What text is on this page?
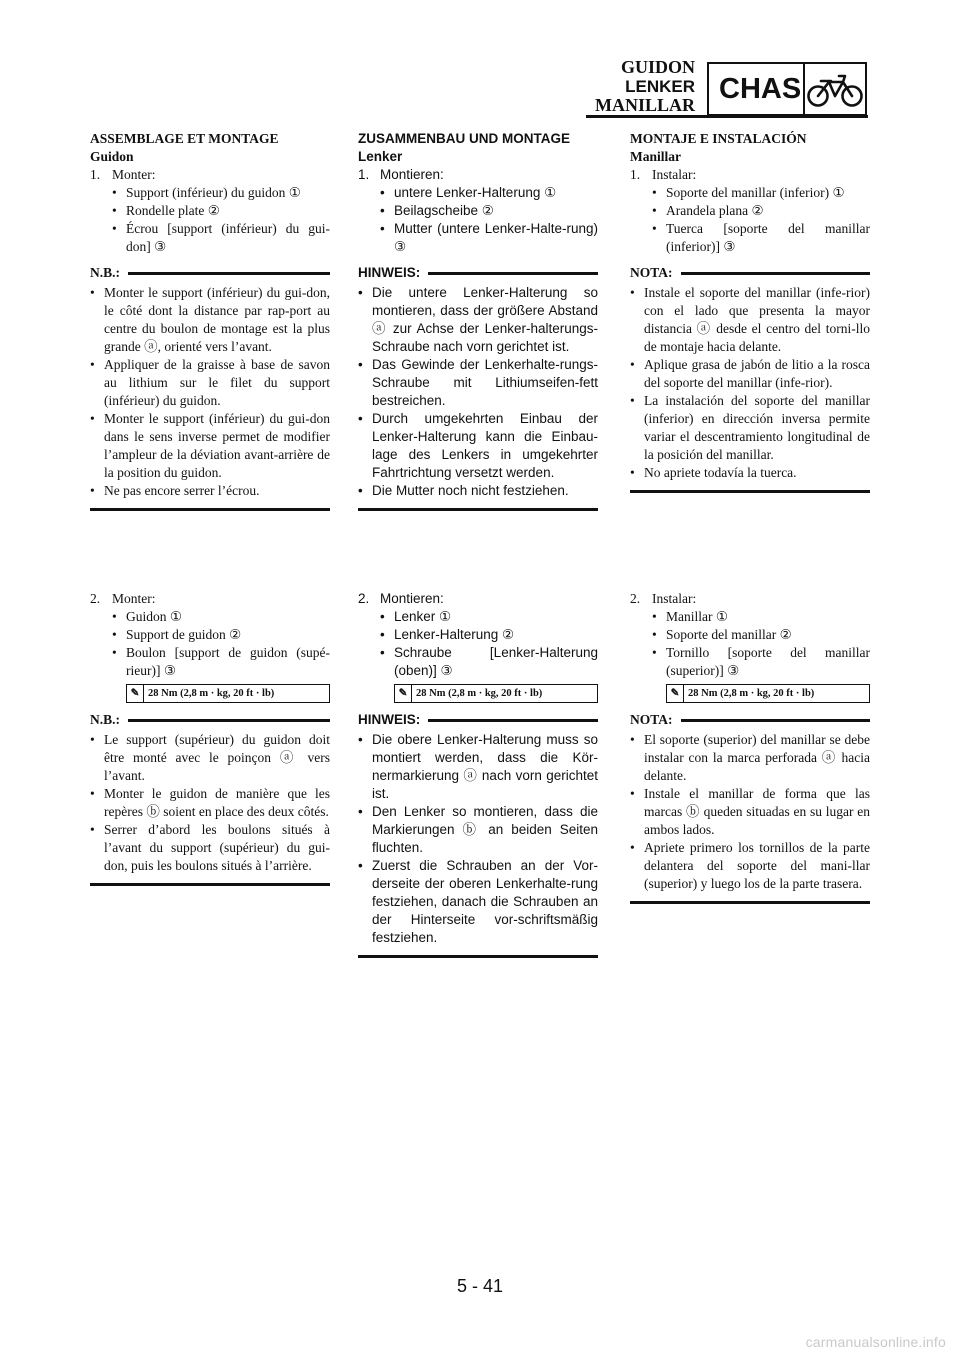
GUIDON
LENKER
MANILLAR
CHAS
ASSEMBLAGE ET MONTAGE
Guidon
1. Monter:
• Support (inférieur) du guidon ①
• Rondelle plate ②
• Écrou [support (inférieur) du gui-don] ③
N.B.:
• Monter le support (inférieur) du gui-don, le côté dont la distance par rap-port au centre du boulon de montage est la plus grande ⓐ, orienté vers l’avant.
• Appliquer de la graisse à base de savon au lithium sur le filet du support (inférieur) du guidon.
• Monter le support (inférieur) du gui-don dans le sens inverse permet de modifier l’ampleur de la déviation avant-arrière de la position du guidon.
• Ne pas encore serrer l’écrou.
ZUSAMMENBAU UND MONTAGE
Lenker
1. Montieren:
• untere Lenker-Halterung ①
• Beilagscheibe ②
• Mutter (untere Lenker-Halte-rung) ③
HINWEIS:
• Die untere Lenker-Halterung so montieren, dass der größere Abstand ⓐ zur Achse der Lenker-halterungs-Schraube nach vorn gerichtet ist.
• Das Gewinde der Lenkerhalte-rungs-Schraube mit Lithiumseifen-fett bestreichen.
• Durch umgekehrten Einbau der Lenker-Halterung kann die Einbau-lage des Lenkers in umgekehrter Fahrtrichtung versetzt werden.
• Die Mutter noch nicht festziehen.
MONTAJE E INSTALACIÓN
Manillar
1. Instalar:
• Soporte del manillar (inferior) ①
• Arandela plana ②
• Tuerca [soporte del manillar (inferior)] ③
NOTA:
• Instale el soporte del manillar (infe-rior) con el lado que presenta la mayor distancia ⓐ desde el centro del torni-llo de montaje hacia delante.
• Aplique grasa de jabón de litio a la rosca del soporte del manillar (infe-rior).
• La instalación del soporte del manillar (inferior) en dirección inversa permite variar el descentramiento longitudinal de la posición del manillar.
• No apriete todavía la tuerca.
2. Monter:
• Guidon ①
• Support de guidon ②
• Boulon [support de guidon (supé-rieur)] ③
✎ 28 Nm (2,8 m · kg, 20 ft · lb)
N.B.:
• Le support (supérieur) du guidon doit être monté avec le poinçon ⓐ vers l’avant.
• Monter le guidon de manière que les repères ⓑ soient en place des deux côtés.
• Serrer d’abord les boulons situés à l’avant du support (supérieur) du gui-don, puis les boulons situés à l’arrière.
2. Montieren:
• Lenker ①
• Lenker-Halterung ②
• Schraube [Lenker-Halterung (oben)] ③
✎ 28 Nm (2,8 m · kg, 20 ft · lb)
HINWEIS:
• Die obere Lenker-Halterung muss so montiert werden, dass die Kör-nermarkierung ⓐ nach vorn gerichtet ist.
• Den Lenker so montieren, dass die Markierungen ⓑ an beiden Seiten fluchten.
• Zuerst die Schrauben an der Vor-derseite der oberen Lenkerhalte-rung festziehen, danach die Schrauben an der Hinterseite vor-schriftsmäßig festziehen.
2. Instalar:
• Manillar ①
• Soporte del manillar ②
• Tornillo [soporte del manillar (superior)] ③
✎ 28 Nm (2,8 m · kg, 20 ft · lb)
NOTA:
• El soporte (superior) del manillar se debe instalar con la marca perforada ⓐ hacia delante.
• Instale el manillar de forma que las marcas ⓑ queden situadas en su lugar en ambos lados.
• Apriete primero los tornillos de la parte delantera del soporte del mani-llar (superior) y luego los de la parte trasera.
5 - 41
carmanualsonline.info
